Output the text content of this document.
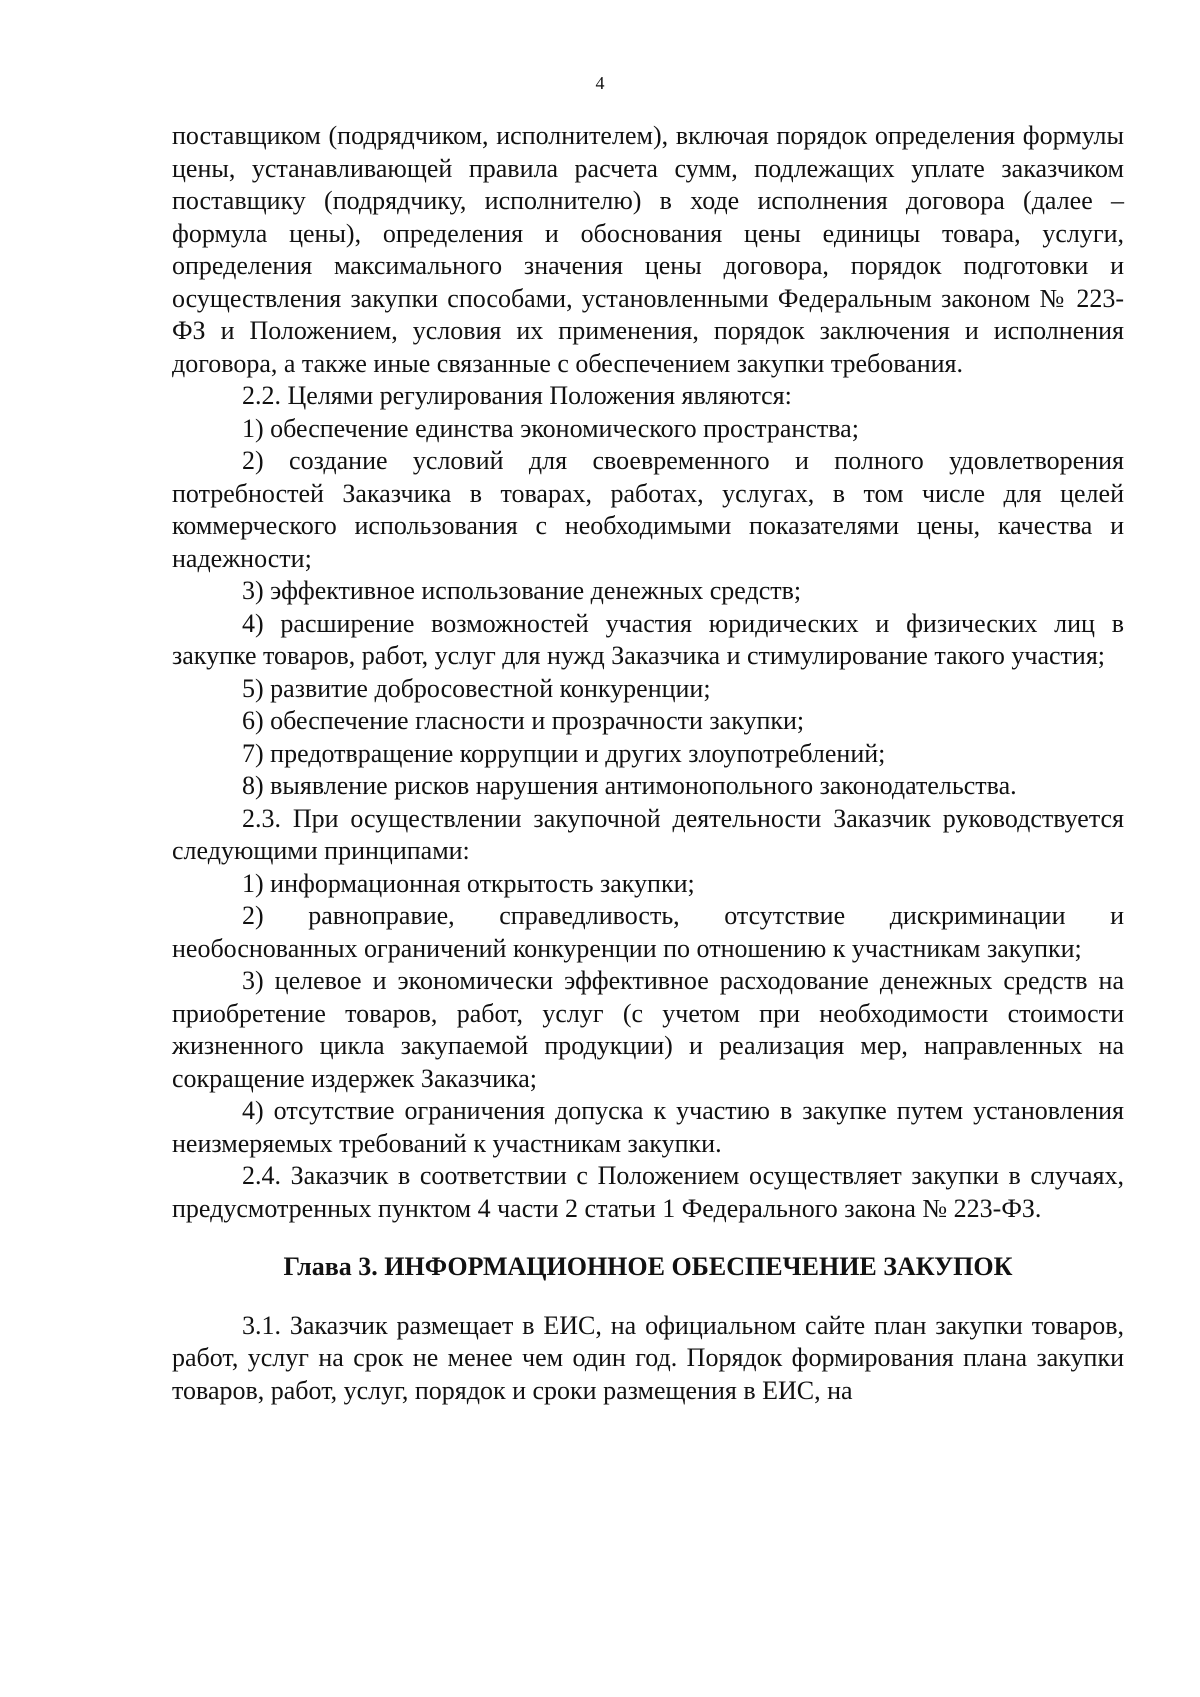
4

поставщиком (подрядчиком, исполнителем), включая порядок определения формулы цены, устанавливающей правила расчета сумм, подлежащих уплате заказчиком поставщику (подрядчику, исполнителю) в ходе исполнения договора (далее – формула цены), определения и обоснования цены единицы товара, услуги, определения максимального значения цены договора, порядок подготовки и осуществления закупки способами, установленными Федеральным законом № 223-ФЗ и Положением, условия их применения, порядок заключения и исполнения договора, а также иные связанные с обеспечением закупки требования.

2.2. Целями регулирования Положения являются:

1) обеспечение единства экономического пространства;

2) создание условий для своевременного и полного удовлетворения потребностей Заказчика в товарах, работах, услугах, в том числе для целей коммерческого использования с необходимыми показателями цены, качества и надежности;

3) эффективное использование денежных средств;

4) расширение возможностей участия юридических и физических лиц в закупке товаров, работ, услуг для нужд Заказчика и стимулирование такого участия;

5) развитие добросовестной конкуренции;

6) обеспечение гласности и прозрачности закупки;

7) предотвращение коррупции и других злоупотреблений;

8) выявление рисков нарушения антимонопольного законодательства.

2.3. При осуществлении закупочной деятельности Заказчик руководствуется следующими принципами:

1) информационная открытость закупки;

2) равноправие, справедливость, отсутствие дискриминации и необоснованных ограничений конкуренции по отношению к участникам закупки;

3) целевое и экономически эффективное расходование денежных средств на приобретение товаров, работ, услуг (с учетом при необходимости стоимости жизненного цикла закупаемой продукции) и реализация мер, направленных на сокращение издержек Заказчика;

4) отсутствие ограничения допуска к участию в закупке путем установления неизмеряемых требований к участникам закупки.

2.4. Заказчик в соответствии с Положением осуществляет закупки в случаях, предусмотренных пунктом 4 части 2 статьи 1 Федерального закона № 223-ФЗ.

Глава 3. ИНФОРМАЦИОННОЕ ОБЕСПЕЧЕНИЕ ЗАКУПОК

3.1. Заказчик размещает в ЕИС, на официальном сайте план закупки товаров, работ, услуг на срок не менее чем один год. Порядок формирования плана закупки товаров, работ, услуг, порядок и сроки размещения в ЕИС, на
